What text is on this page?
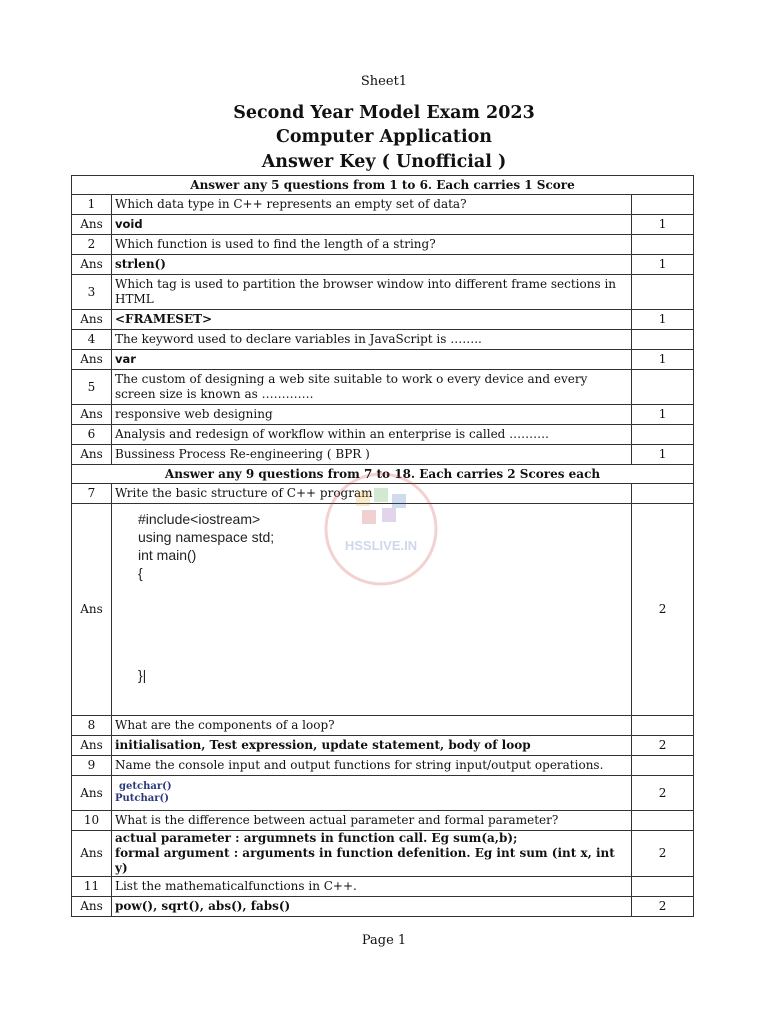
Sheet1
Second Year Model Exam 2023
Computer Application
Answer Key ( Unofficial )
Answer any 5 questions from 1 to 6. Each carries 1 Score		
1	Which data type in C++ represents an empty set of data?	
Ans	void	1
2	Which function is used to find the length of a string?	
Ans	strlen()	1
3	Which tag is used to partition the browser window into different frame sections in HTML	
Ans	<FRAMESET>	1
4	The keyword used to declare variables in JavaScript is ……..	
Ans	var	1
5	The custom of designing a web site suitable to work o every device and every screen size is known as ………….	
Ans	responsive web designing	1
6	Analysis and redesign of workflow within an enterprise is called ……….	
Ans	Bussiness Process Re-engineering ( BPR )	1
Answer any 9 questions from 7 to 18. Each carries 2 Scores each		
7	Write the basic structure of C++ program	
Ans	#include<iostream>
using namespace std;
int main()
{
}|	2
8	What are the components of a loop?	
Ans	initialisation, Test expression, update statement, body of loop	2
9	Name the console input and output functions for string input/output operations.	
Ans	getchar()
Putchar()	2
10	What is the difference between actual parameter and formal parameter?	
Ans	actual parameter : argumnets in function call. Eg sum(a,b);
formal argument : arguments in function defenition. Eg int sum (int x, int y)	2
11	List the mathematicalfunctions in C++.	
Ans	pow(), sqrt(), abs(), fabs()	2
HSSLIVE.IN
Page 1
